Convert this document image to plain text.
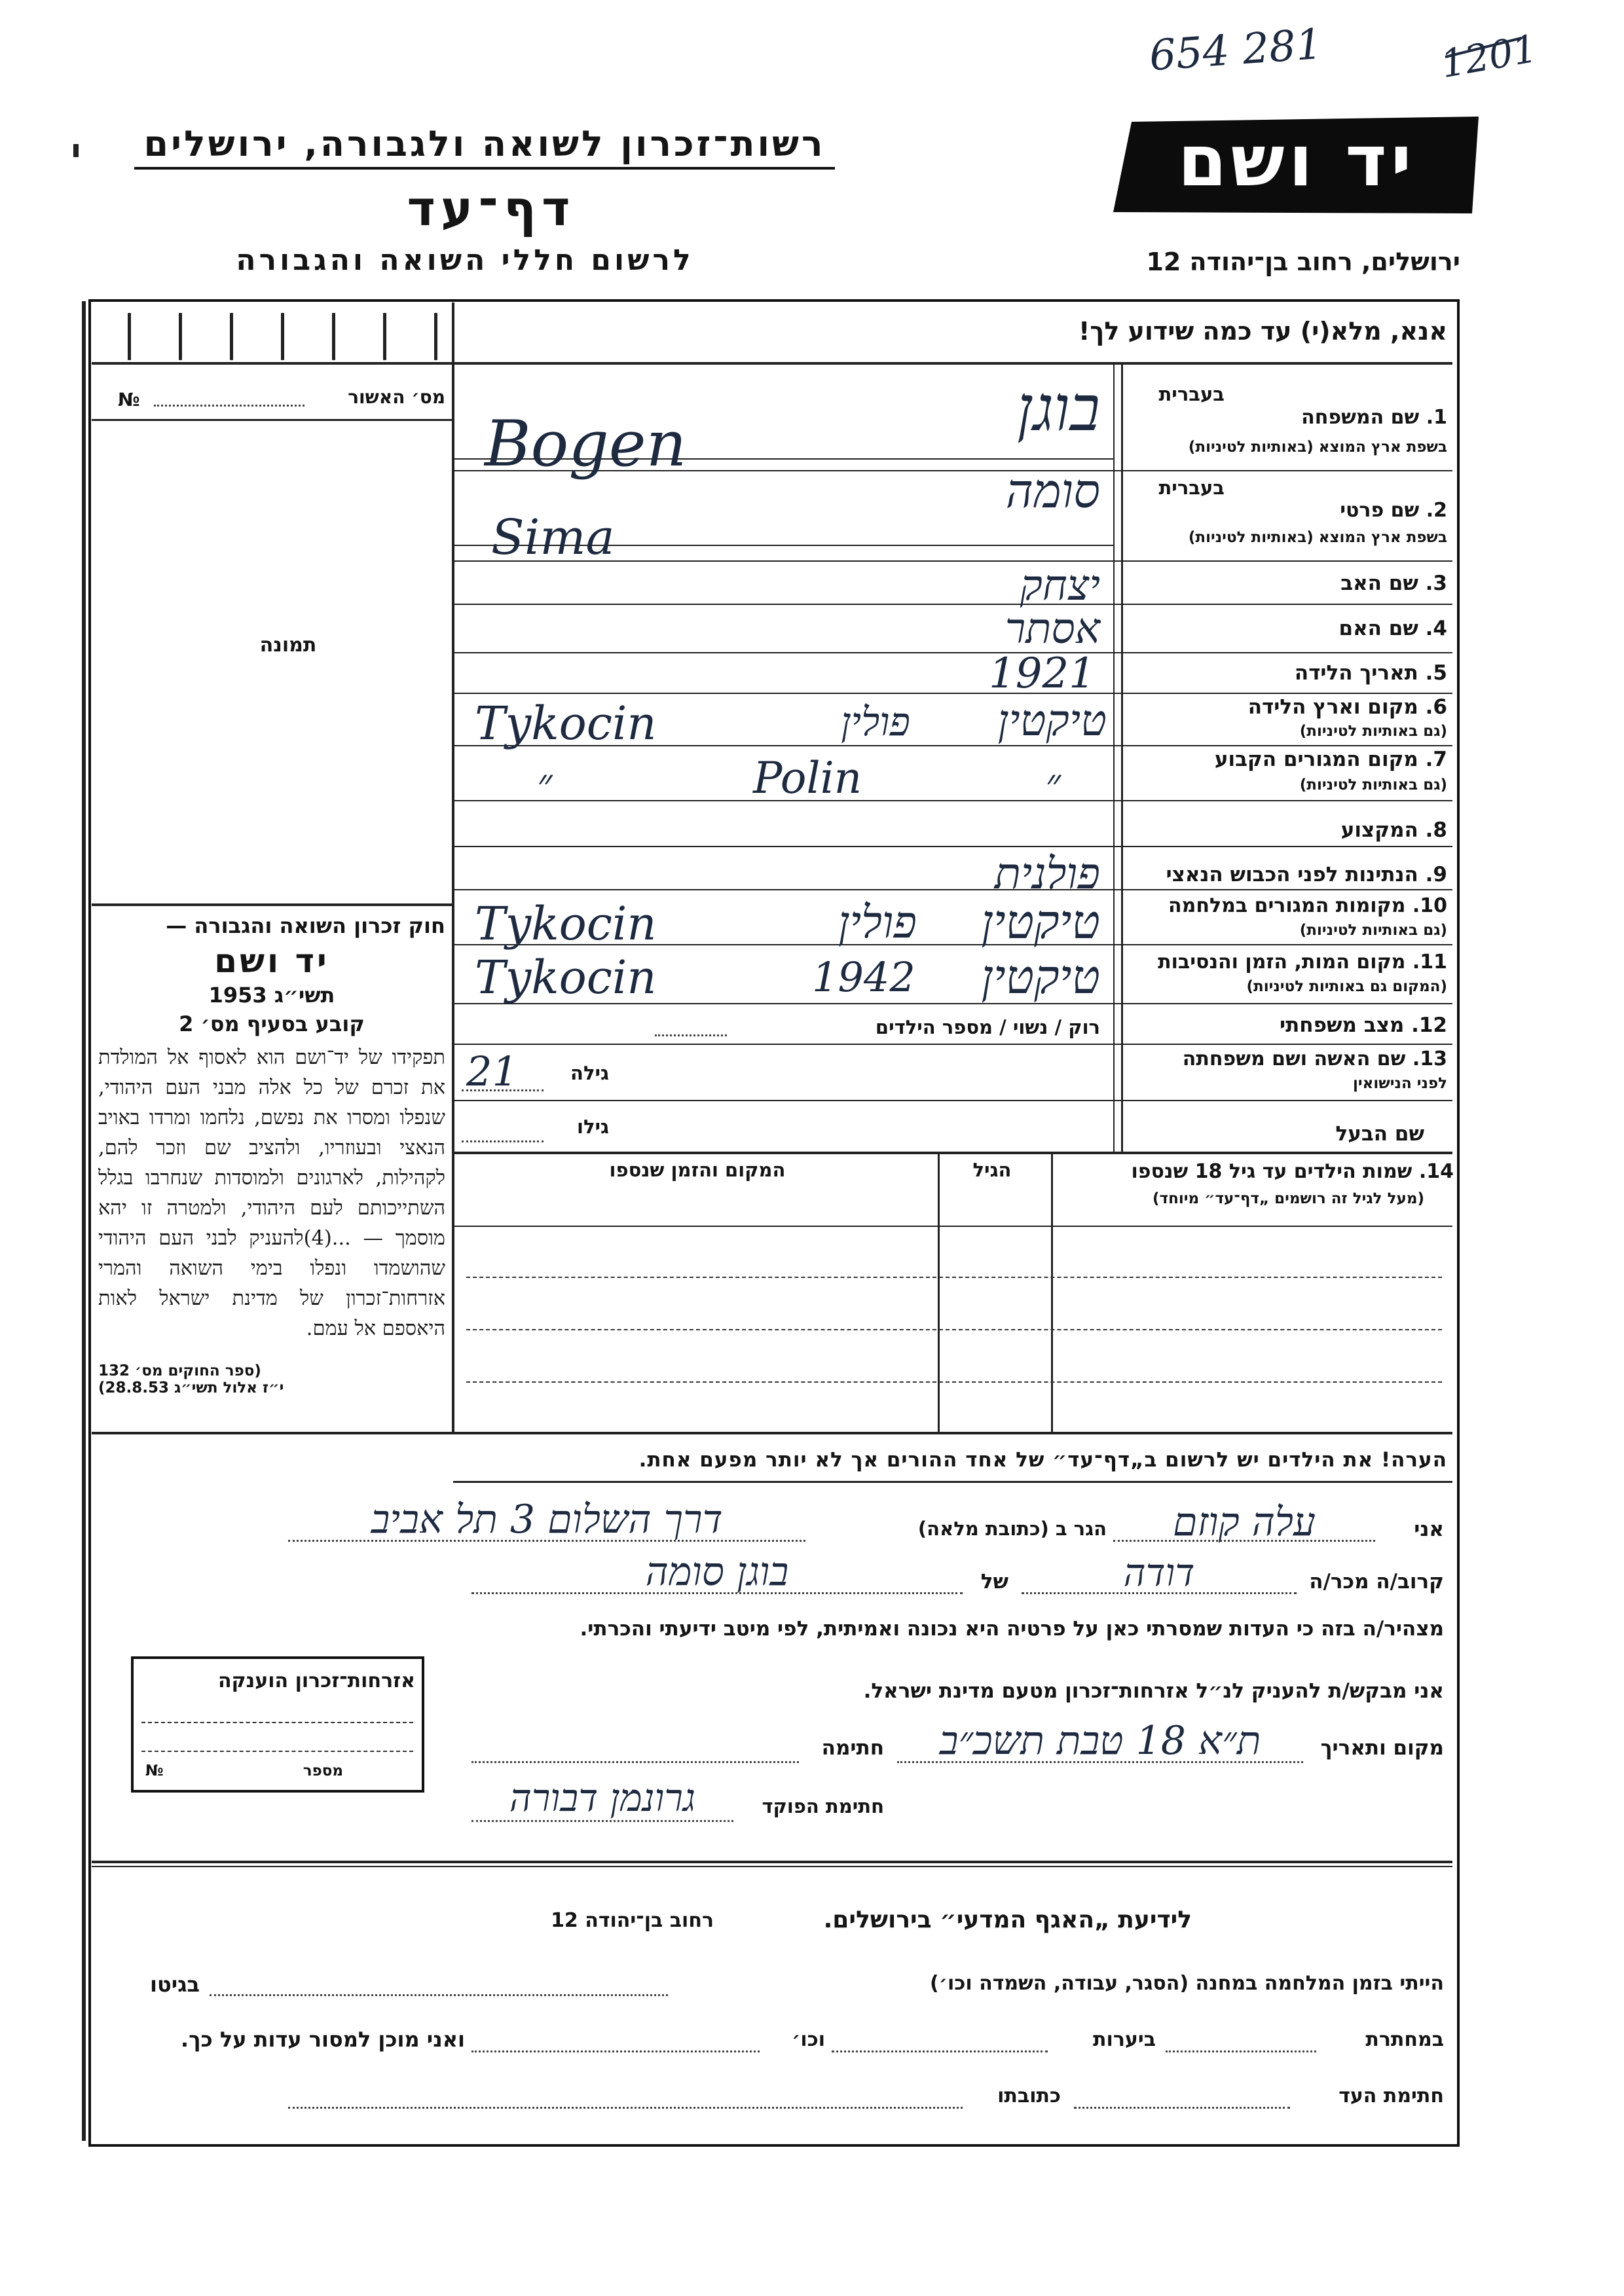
654 281	1201
רשות־זכרון לשואה ולגבורה, ירושלים
דף־עד
לרשום חללי השואה והגבורה
יד ושם
ירושלים, רחוב בן־יהודה 12
אנא, מלא(י) עד כמה שידוע לך!
מס׳ האשור
№
תמונה
חוק זכרון השואה והגבורה —
יד ושם
תשי״ג 1953
קובע בסעיף מס׳ 2
תפקידו של יד־ושם הוא לאסוף אל המולדת את זכרם של כל אלה מבני העם היהודי, שנפלו ומסרו את נפשם, נלחמו ומרדו באויב הנאצי ובעוזריו, ולהציב שם וזכר להם, לקהילות, לארגונים ולמוסדות שנחרבו בגלל השתייכותם לעם היהודי, ולמטרה זו יהא מוסמך — ...(4)להעניק לבני העם היהודי שהושמדו ונפלו בימי השואה והמרי אזרחות־זכרון של מדינת ישראל לאות היאספם אל עמם.
(ספר החוקים מס׳ 132
י״ז אלול תשי״ג 28.8.53)
בעברית
1. שם המשפחה
בשפת ארץ המוצא (באותיות לטיניות)
בוגן
Bogen
בעברית
2. שם פרטי
בשפת ארץ המוצא (באותיות לטיניות)
סומה
Sima
3. שם האב
יצחק
4. שם האם
אסתר
5. תאריך הלידה
1921
6. מקום וארץ הלידה
(גם באותיות לטיניות)
טיקטין
פולין
Tykocin
7. מקום המגורים הקבוע
(גם באותיות לטיניות)
״
Polin
״
8. המקצוע
9. הנתינות לפני הכבוש הנאצי
פולנית
10. מקומות המגורים במלחמה
(גם באותיות לטיניות)
טיקטין
פולין
Tykocin
11. מקום המות, הזמן והנסיבות
(המקום גם באותיות לטיניות)
טיקטין
1942
Tykocin
12. מצב משפחתי
רוק / נשוי / מספר הילדים
13. שם האשה ושם משפחתה
לפני הנישואין
גילה
21
שם הבעל
גילו
14. שמות הילדים עד גיל 18 שנספו
(מעל לגיל זה רושמים „דף־עד״ מיוחד)
הגיל
המקום והזמן שנספו
הערה! את הילדים יש לרשום ב„דף־עד״ של אחד ההורים אך לא יותר מפעם אחת.
אני
עלה קוזם
הגר ב (כתובת מלאה)
דרך השלום 3 תל אביב
קרוב/ה מכר/ה
דודה
של
בוגן סומה
מצהיר/ה בזה כי העדות שמסרתי כאן על פרטיה היא נכונה ואמיתית, לפי מיטב ידיעתי והכרתי.
אני מבקש/ת להעניק לנ״ל אזרחות־זכרון מטעם מדינת ישראל.
מקום ותאריך
ת״א 18 טבת תשכ״ב
חתימה
חתימת הפוקד
גרונמן דבורה
אזרחות־זכרון הוענקה
מספר
№
לידיעת „האגף המדעי״ בירושלים.
רחוב בן־יהודה 12
הייתי בזמן המלחמה במחנה (הסגר, עבודה, השמדה וכו׳)
בגיטו
במחתרת
ביערות
וכו׳
ואני מוכן למסור עדות על כך.
חתימת העד
כתובתו
